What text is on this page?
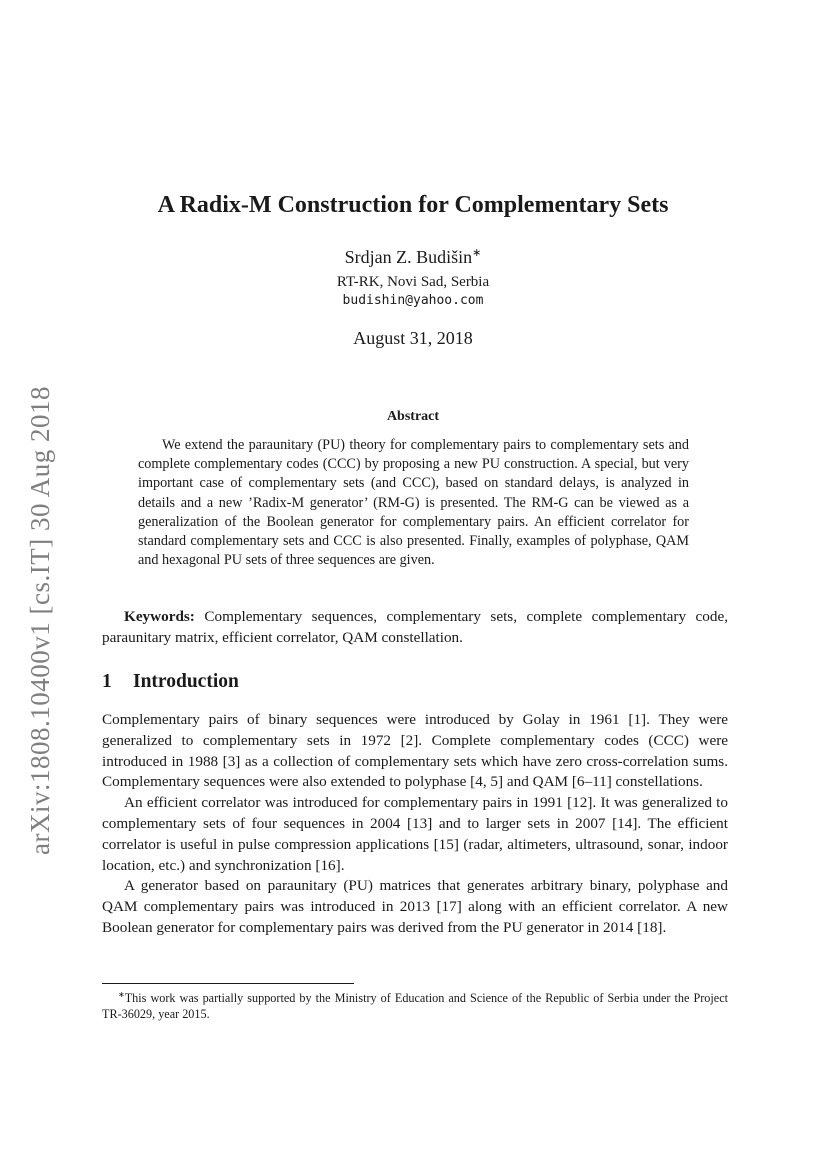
arXiv:1808.10400v1 [cs.IT] 30 Aug 2018
A Radix-M Construction for Complementary Sets
Srdjan Z. Budišin∗
RT-RK, Novi Sad, Serbia
budishin@yahoo.com
August 31, 2018
Abstract

We extend the paraunitary (PU) theory for complementary pairs to complementary sets and complete complementary codes (CCC) by proposing a new PU construction. A special, but very important case of complementary sets (and CCC), based on standard delays, is analyzed in details and a new ’Radix-M generator’ (RM-G) is presented. The RM-G can be viewed as a generalization of the Boolean generator for complementary pairs. An efficient correlator for standard complementary sets and CCC is also presented. Finally, examples of polyphase, QAM and hexagonal PU sets of three sequences are given.

Keywords: Complementary sequences, complementary sets, complete complementary code, paraunitary matrix, efficient correlator, QAM constellation.

1 Introduction

Complementary pairs of binary sequences were introduced by Golay in 1961 [1]. They were generalized to complementary sets in 1972 [2]. Complete complementary codes (CCC) were introduced in 1988 [3] as a collection of complementary sets which have zero cross-correlation sums. Complementary sequences were also extended to polyphase [4, 5] and QAM [6–11] constellations.

An efficient correlator was introduced for complementary pairs in 1991 [12]. It was generalized to complementary sets of four sequences in 2004 [13] and to larger sets in 2007 [14]. The efficient correlator is useful in pulse compression applications [15] (radar, altimeters, ultrasound, sonar, indoor location, etc.) and synchronization [16].

A generator based on paraunitary (PU) matrices that generates arbitrary binary, polyphase and QAM complementary pairs was introduced in 2013 [17] along with an efficient correlator. A new Boolean generator for complementary pairs was derived from the PU generator in 2014 [18].

∗This work was partially supported by the Ministry of Education and Science of the Republic of Serbia under the Project TR-36029, year 2015.
